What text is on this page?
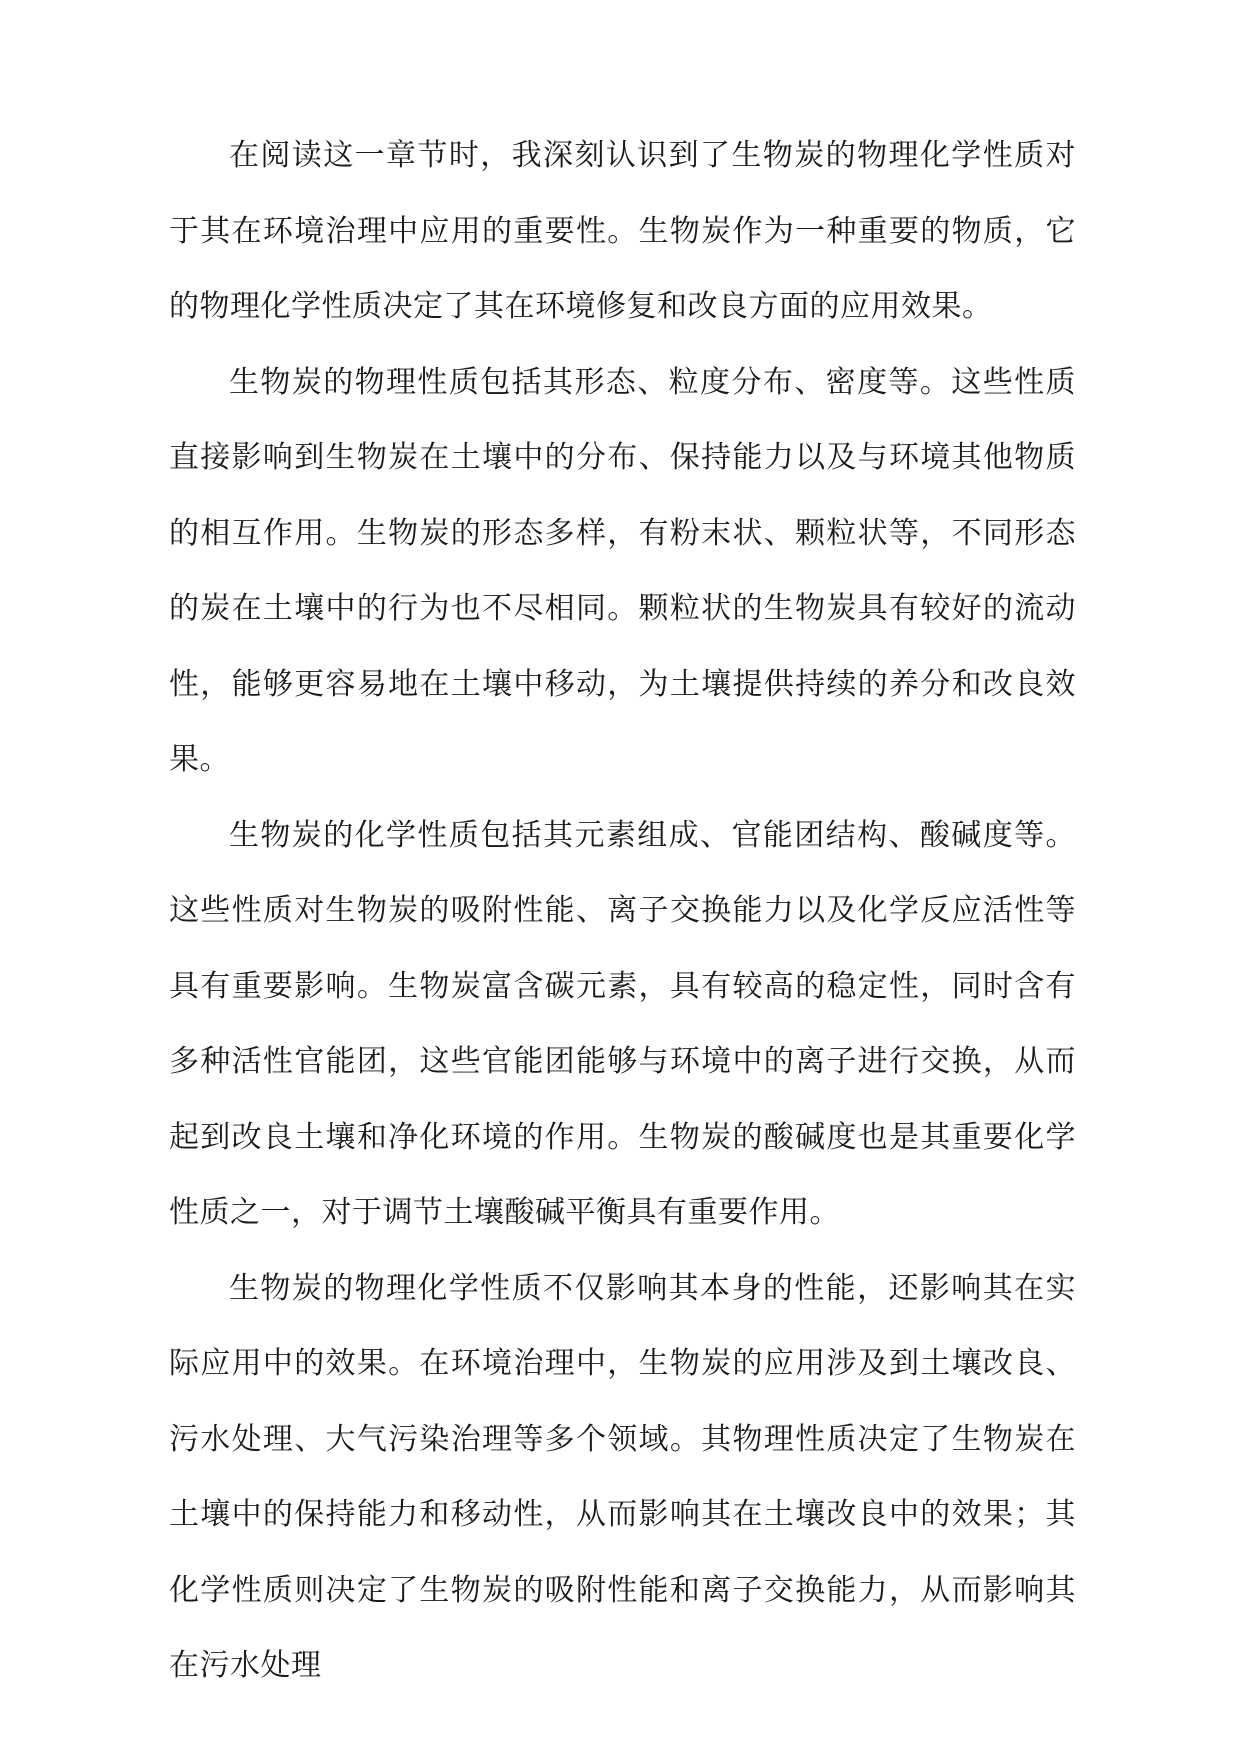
在阅读这一章节时，我深刻认识到了生物炭的物理化学性质对于其在环境治理中应用的重要性。生物炭作为一种重要的物质，它的物理化学性质决定了其在环境修复和改良方面的应用效果。

生物炭的物理性质包括其形态、粒度分布、密度等。这些性质直接影响到生物炭在土壤中的分布、保持能力以及与环境其他物质的相互作用。生物炭的形态多样，有粉末状、颗粒状等，不同形态的炭在土壤中的行为也不尽相同。颗粒状的生物炭具有较好的流动性，能够更容易地在土壤中移动，为土壤提供持续的养分和改良效果。

生物炭的化学性质包括其元素组成、官能团结构、酸碱度等。这些性质对生物炭的吸附性能、离子交换能力以及化学反应活性等具有重要影响。生物炭富含碳元素，具有较高的稳定性，同时含有多种活性官能团，这些官能团能够与环境中的离子进行交换，从而起到改良土壤和净化环境的作用。生物炭的酸碱度也是其重要化学性质之一，对于调节土壤酸碱平衡具有重要作用。

生物炭的物理化学性质不仅影响其本身的性能，还影响其在实际应用中的效果。在环境治理中，生物炭的应用涉及到土壤改良、污水处理、大气污染治理等多个领域。其物理性质决定了生物炭在土壤中的保持能力和移动性，从而影响其在土壤改良中的效果；其化学性质则决定了生物炭的吸附性能和离子交换能力，从而影响其在污水处理
